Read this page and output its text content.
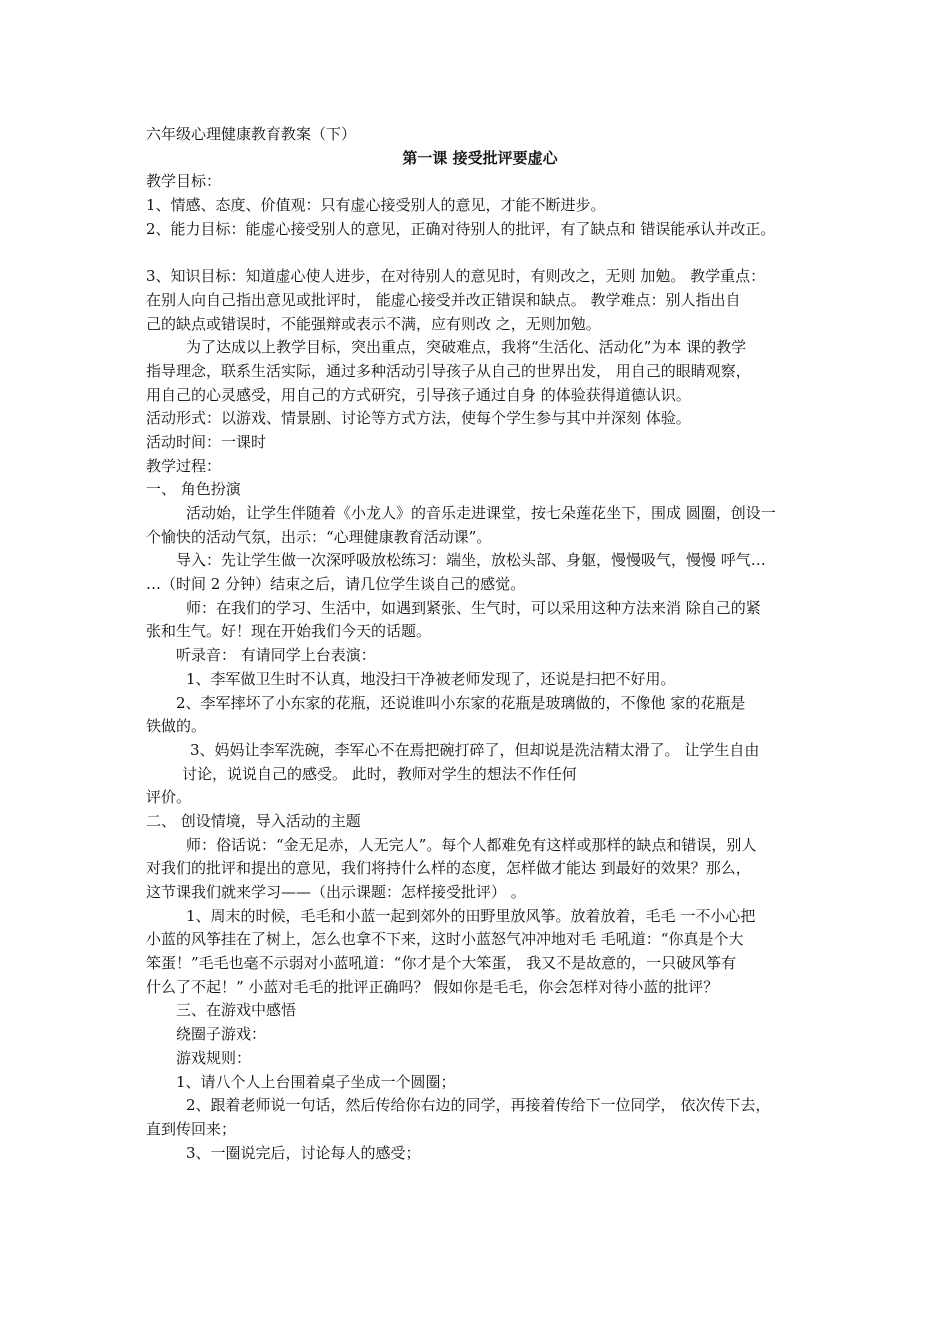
六年级心理健康教育教案（下）
第一课 接受批评要虚心
教学目标：
1、情感、态度、价值观：只有虚心接受别人的意见，才能不断进步。
2、能力目标：能虚心接受别人的意见，正确对待别人的批评，有了缺点和 错误能承认并改正。
3、知识目标：知道虚心使人进步，在对待别人的意见时，有则改之，无则 加勉。 教学重点：
在别人向自己指出意见或批评时， 能虚心接受并改正错误和缺点。 教学难点：别人指出自
己的缺点或错误时，不能强辩或表示不满，应有则改 之，无则加勉。
为了达成以上教学目标，突出重点，突破难点，我将“生活化、活动化”为本 课的教学
指导理念，联系生活实际，通过多种活动引导孩子从自己的世界出发， 用自己的眼睛观察，
用自己的心灵感受，用自己的方式研究，引导孩子通过自身 的体验获得道德认识。
活动形式：以游戏、情景剧、讨论等方式方法，使每个学生参与其中并深刻 体验。
活动时间：一课时
教学过程：
一、 角色扮演
活动始，让学生伴随着《小龙人》的音乐走进课堂，按七朵莲花坐下，围成 圆圈，创设一
个愉快的活动气氛，出示：“心理健康教育活动课”。
导入：先让学生做一次深呼吸放松练习：端坐，放松头部、身躯，慢慢吸气，慢慢 呼气…
…（时间 2 分钟）结束之后，请几位学生谈自己的感觉。
师：在我们的学习、生活中，如遇到紧张、生气时，可以采用这种方法来消 除自己的紧
张和生气。好！现在开始我们今天的话题。
听录音： 有请同学上台表演：
1、李军做卫生时不认真，地没扫干净被老师发现了，还说是扫把不好用。
2、李军摔坏了小东家的花瓶，还说谁叫小东家的花瓶是玻璃做的，不像他 家的花瓶是
铁做的。
3、妈妈让李军洗碗，李军心不在焉把碗打碎了，但却说是洗洁精太滑了。 让学生自由
讨论，说说自己的感受。 此时，教师对学生的想法不作任何
评价。
二、 创设情境，导入活动的主题
师：俗话说：“金无足赤，人无完人”。每个人都难免有这样或那样的缺点和错误，别人
对我们的批评和提出的意见，我们将持什么样的态度，怎样做才能达 到最好的效果？那么，
这节课我们就来学习——（出示课题：怎样接受批评） 。
1、周末的时候，毛毛和小蓝一起到郊外的田野里放风筝。放着放着，毛毛 一不小心把
小蓝的风筝挂在了树上，怎么也拿不下来，这时小蓝怒气冲冲地对毛 毛吼道：“你真是个大
笨蛋！”毛毛也毫不示弱对小蓝吼道：“你才是个大笨蛋， 我又不是故意的，一只破风筝有
什么了不起！” 小蓝对毛毛的批评正确吗？ 假如你是毛毛，你会怎样对待小蓝的批评？
三、在游戏中感悟
绕圈子游戏：
游戏规则：
1、请八个人上台围着桌子坐成一个圆圈；
2、跟着老师说一句话，然后传给你右边的同学，再接着传给下一位同学， 依次传下去，
直到传回来；
3、一圈说完后，讨论每人的感受；
